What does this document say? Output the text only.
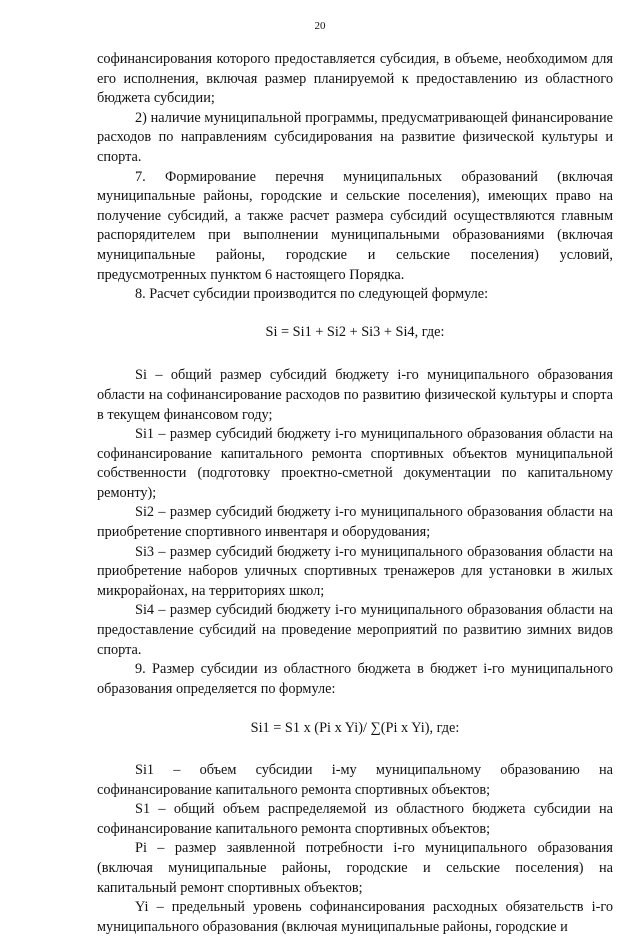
20

софинансирования которого предоставляется субсидия, в объеме, необходимом для его исполнения, включая размер планируемой к предоставлению из областного бюджета субсидии;

2) наличие муниципальной программы, предусматривающей финансирование расходов по направлениям субсидирования на развитие физической культуры и спорта.

7. Формирование перечня муниципальных образований (включая муниципальные районы, городские и сельские поселения), имеющих право на получение субсидий, а также расчет размера субсидий осуществляются главным распорядителем при выполнении муниципальными образованиями (включая муниципальные районы, городские и сельские поселения) условий, предусмотренных пунктом 6 настоящего Порядка.

8. Расчет субсидии производится по следующей формуле:

Si = Si1 + Si2 + Si3 + Si4, где:

Si – общий размер субсидий бюджету i-го муниципального образования области на софинансирование расходов по развитию физической культуры и спорта в текущем финансовом году;

Si1 – размер субсидий бюджету i-го муниципального образования области на софинансирование капитального ремонта спортивных объектов муниципальной собственности (подготовку проектно-сметной документации по капитальному ремонту);

Si2 – размер субсидий бюджету i-го муниципального образования области на приобретение спортивного инвентаря и оборудования;

Si3 – размер субсидий бюджету i-го муниципального образования области на приобретение наборов уличных спортивных тренажеров для установки в жилых микрорайонах, на территориях школ;

Si4 – размер субсидий бюджету i-го муниципального образования области на предоставление субсидий на проведение мероприятий по развитию зимних видов спорта.

9. Размер субсидии из областного бюджета в бюджет i-го муниципального образования определяется по формуле:

Si1 = S1 x (Pi x Yi)/ ∑(Pi x Yi), где:

Si1 – объем субсидии i-му муниципальному образованию на софинансирование капитального ремонта спортивных объектов;

S1 – общий объем распределяемой из областного бюджета субсидии на софинансирование капитального ремонта спортивных объектов;

Pi – размер заявленной потребности i-го муниципального образования (включая муниципальные районы, городские и сельские поселения) на капитальный ремонт спортивных объектов;

Yi – предельный уровень софинансирования расходных обязательств i-го муниципального образования (включая муниципальные районы, городские и
